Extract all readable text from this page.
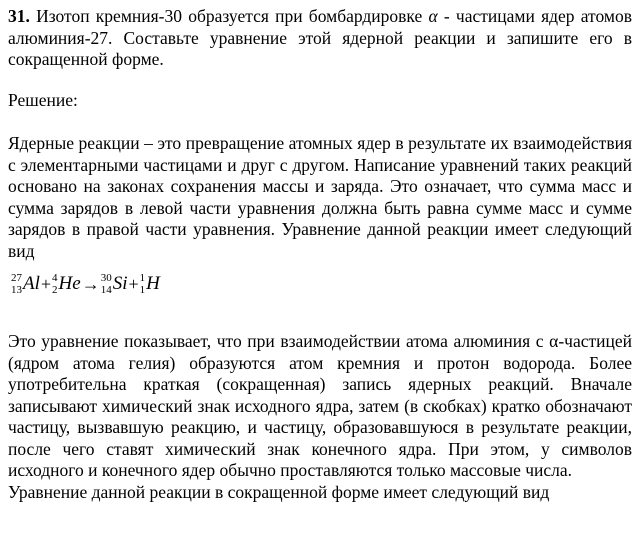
31. Изотоп кремния-30 образуется при бомбардировке α - частицами ядер атомов алюминия-27. Составьте уравнение этой ядерной реакции и запишите его в сокращенной форме.

Решение:

Ядерные реакции – это превращение атомных ядер в результате их взаимодействия с элементарными частицами и друг с другом. Написание уравнений таких реакций основано на законах сохранения массы и заряда. Это означает, что сумма масс и сумма зарядов в левой части уравнения должна быть равна сумме масс и сумме зарядов в правой части уравнения. Уравнение данной реакции имеет следующий вид

27
13 Al+ 4
2 He→ 30
14 Si+ 1
1 H

Это уравнение показывает, что при взаимодействии атома алюминия с α-частицей (ядром атома гелия) образуются атом кремния и протон водорода. Более употребительна краткая (сокращенная) запись ядерных реакций. Вначале записывают химический знак исходного ядра, затем (в скобках) кратко обозначают частицу, вызвавшую реакцию, и частицу, образовавшуюся в результате реакции, после чего ставят химический знак конечного ядра. При этом, у символов исходного и конечного ядер обычно проставляются только массовые числа.

Уравнение данной реакции в сокращенной форме имеет следующий вид
